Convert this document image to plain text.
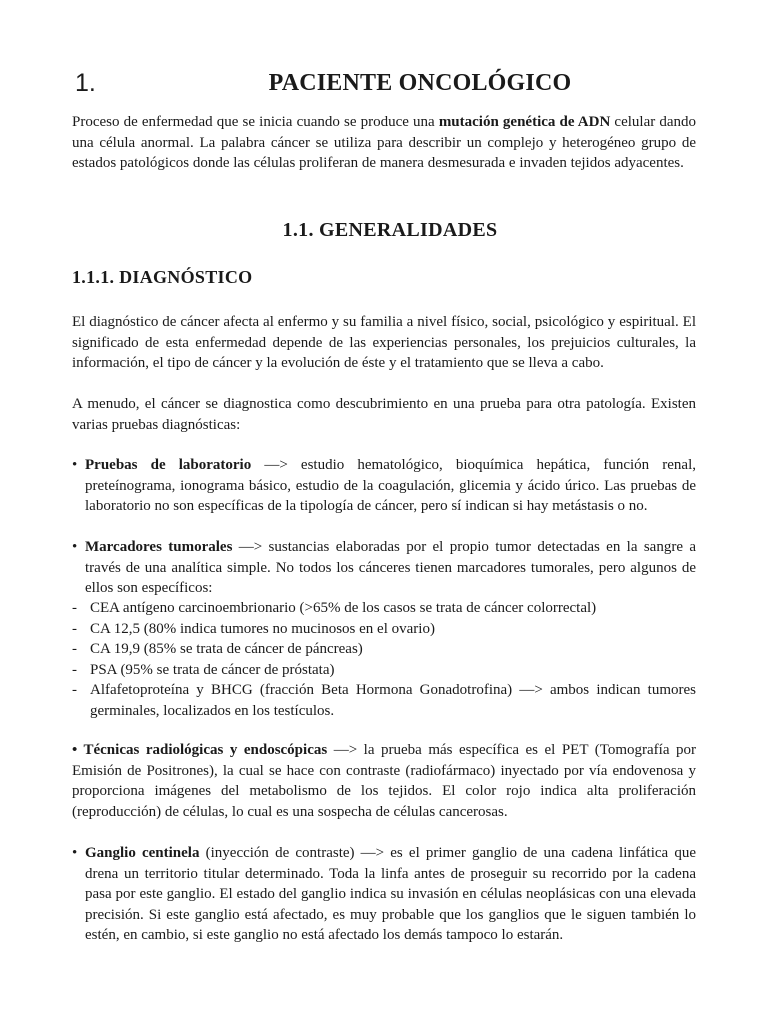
1.	PACIENTE ONCOLÓGICO

Proceso de enfermedad que se inicia cuando se produce una mutación genética de ADN celular dando una célula anormal. La palabra cáncer se utiliza para describir un complejo y heterogéneo grupo de estados patológicos donde las células proliferan de manera desmesurada e invaden tejidos adyacentes.

1.1. GENERALIDADES
1.1.1. DIAGNÓSTICO

El diagnóstico de cáncer afecta al enfermo y su familia a nivel físico, social, psicológico y espiritual. El significado de esta enfermedad depende de las experiencias personales, los prejuicios culturales, la información, el tipo de cáncer y la evolución de éste y el tratamiento que se lleva a cabo.

A menudo, el cáncer se diagnostica como descubrimiento en una prueba para otra patología. Existen varias pruebas diagnósticas:

• Pruebas de laboratorio —> estudio hematológico, bioquímica hepática, función renal, preteínograma, ionograma básico, estudio de la coagulación, glicemia y ácido úrico. Las pruebas de laboratorio no son específicas de la tipología de cáncer, pero sí indican si hay metástasis o no.
• Marcadores tumorales —> sustancias elaboradas por el propio tumor detectadas en la sangre a través de una analítica simple. No todos los cánceres tienen marcadores tumorales, pero algunos de ellos son específicos:
- CEA antígeno carcinoembrionario (>65% de los casos se trata de cáncer colorrectal)
- CA 12,5 (80% indica tumores no mucinosos en el ovario)
- CA 19,9 (85% se trata de cáncer de páncreas)
- PSA (95% se trata de cáncer de próstata)
- Alfafetoproteína y BHCG (fracción Beta Hormona Gonadotrofina) —> ambos indican tumores germinales, localizados en los testículos.

• Técnicas radiológicas y endoscópicas —> la prueba más específica es el PET (Tomografía por Emisión de Positrones), la cual se hace con contraste (radiofármaco) inyectado por vía endovenosa y proporciona imágenes del metabolismo de los tejidos. El color rojo indica alta proliferación (reproducción) de células, lo cual es una sospecha de células cancerosas.

• Ganglio centinela (inyección de contraste) —> es el primer ganglio de una cadena linfática que drena un territorio titular determinado. Toda la linfa antes de proseguir su recorrido por la cadena pasa por este ganglio. El estado del ganglio indica su invasión en células neoplásicas con una elevada precisión. Si este ganglio está afectado, es muy probable que los ganglios que le siguen también lo estén, en cambio, si este ganglio no está afectado los demás tampoco lo estarán.
